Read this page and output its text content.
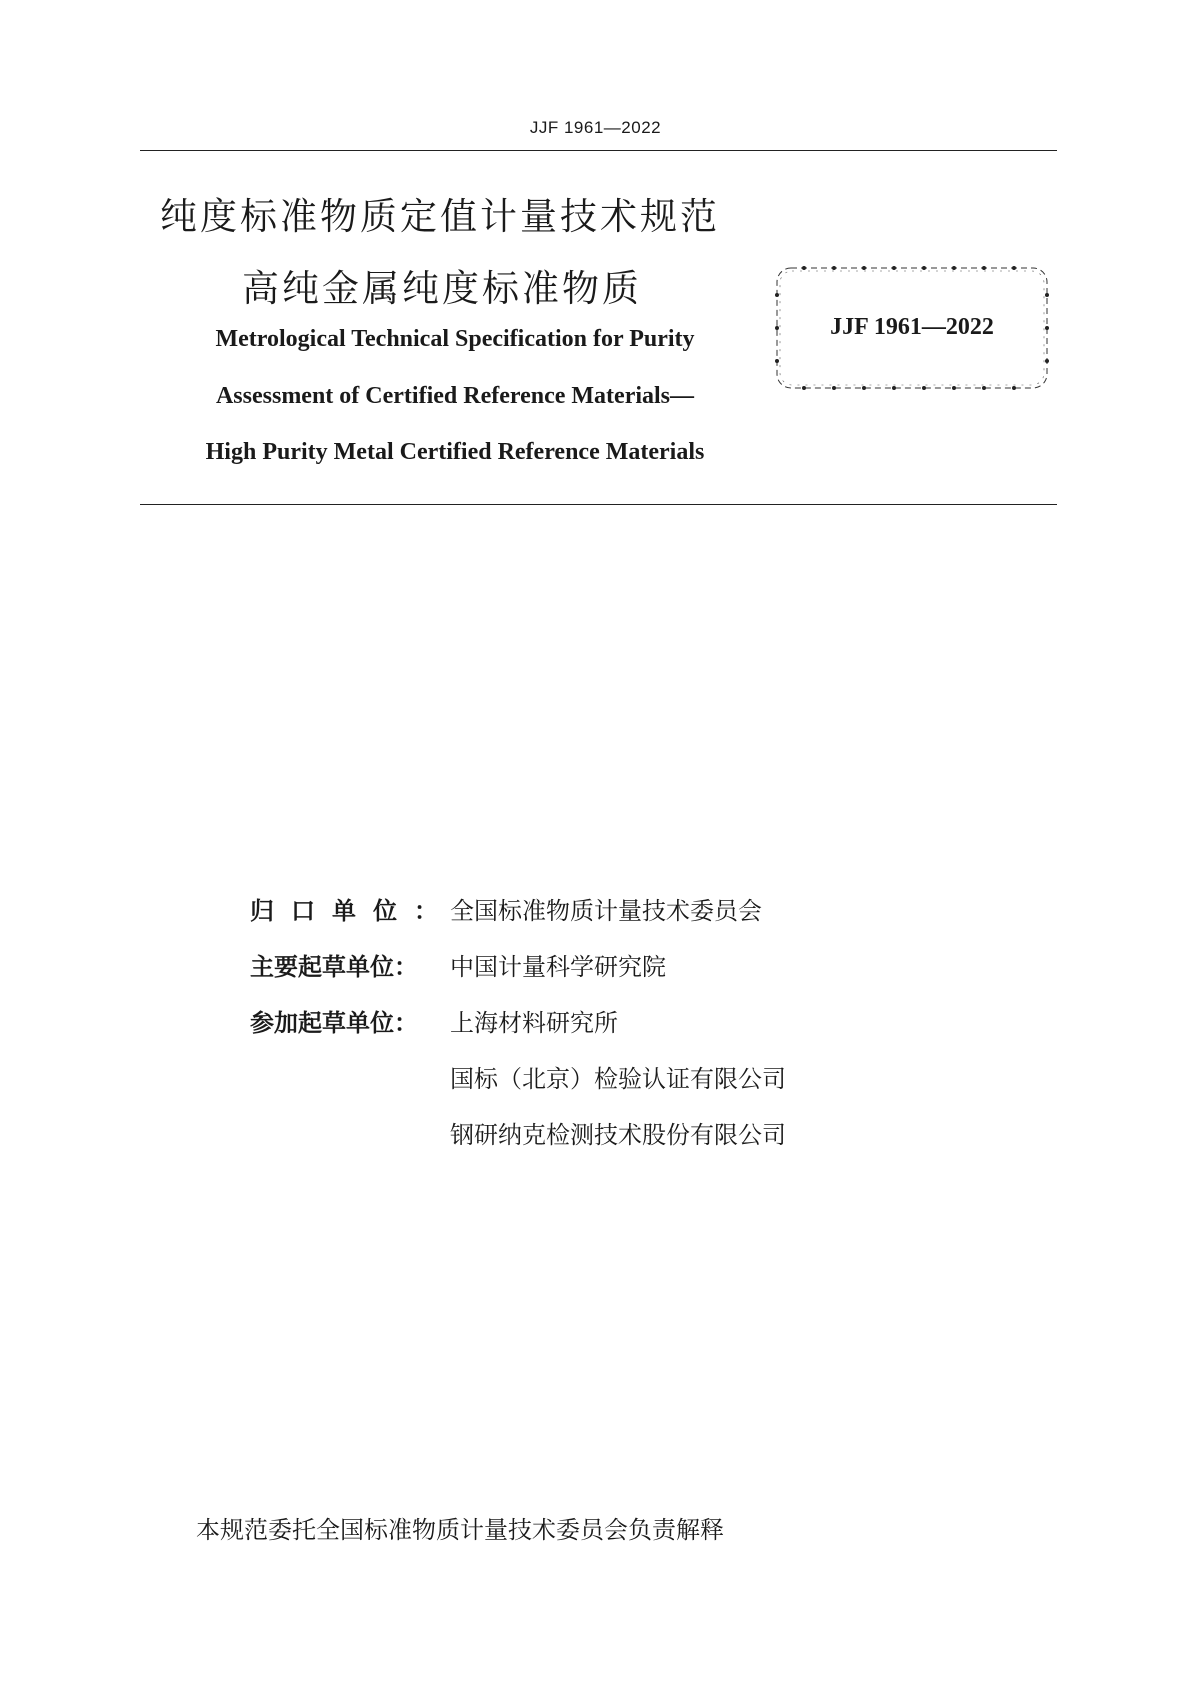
JJF 1961—2022
纯度标准物质定值计量技术规范
高纯金属纯度标准物质
Metrological Technical Specification for Purity
Assessment of Certified Reference Materials—
High Purity Metal Certified Reference Materials
JJF 1961—2022
归口单位：
全国标准物质计量技术委员会
主要起草单位：	中国计量科学研究院
参加起草单位：	上海材料研究所
国标（北京）检验认证有限公司
钢研纳克检测技术股份有限公司
本规范委托全国标准物质计量技术委员会负责解释
